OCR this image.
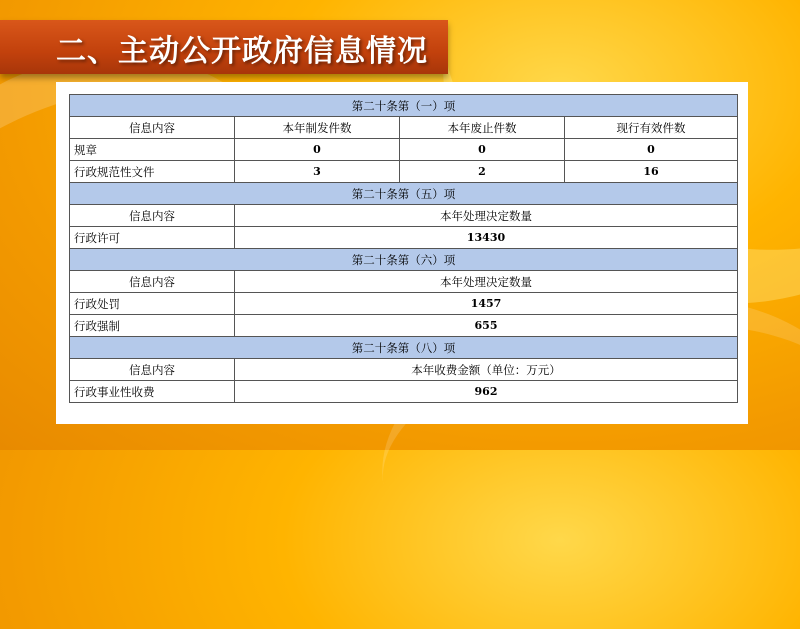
二、主动公开政府信息情况
第二十条第（一）项			
信息内容	本年制发件数	本年废止件数	现行有效件数
规章	0	0	0
行政规范性文件	3	2	16
第二十条第（五）项			
信息内容	本年处理决定数量		
行政许可	13430		
第二十条第（六）项			
信息内容	本年处理决定数量		
行政处罚	1457		
行政强制	655		
第二十条第（八）项			
信息内容	本年收费金额（单位：万元）		
行政事业性收费	962		
